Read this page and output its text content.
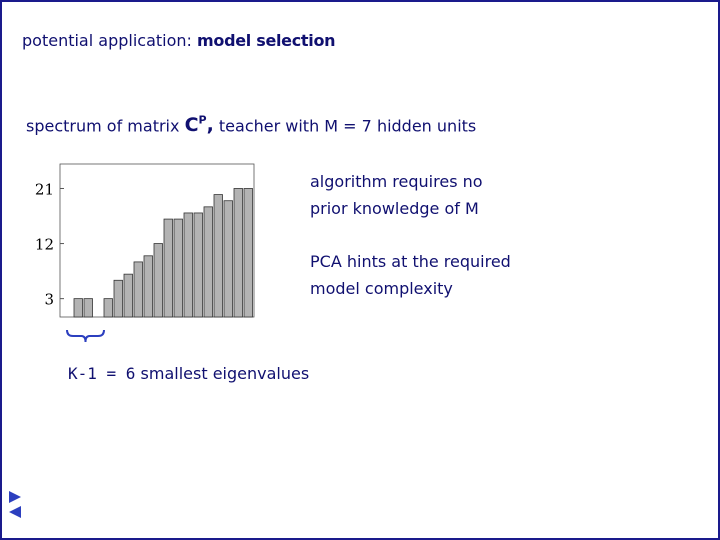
potential application: model selection
spectrum of matrix $C^P$, teacher with M = 7 hidden units
3
12
21	algorithm requires no
prior knowledge of M
PCA hints at the required
model complexity
K-1 = 6 smallest eigenvalues
